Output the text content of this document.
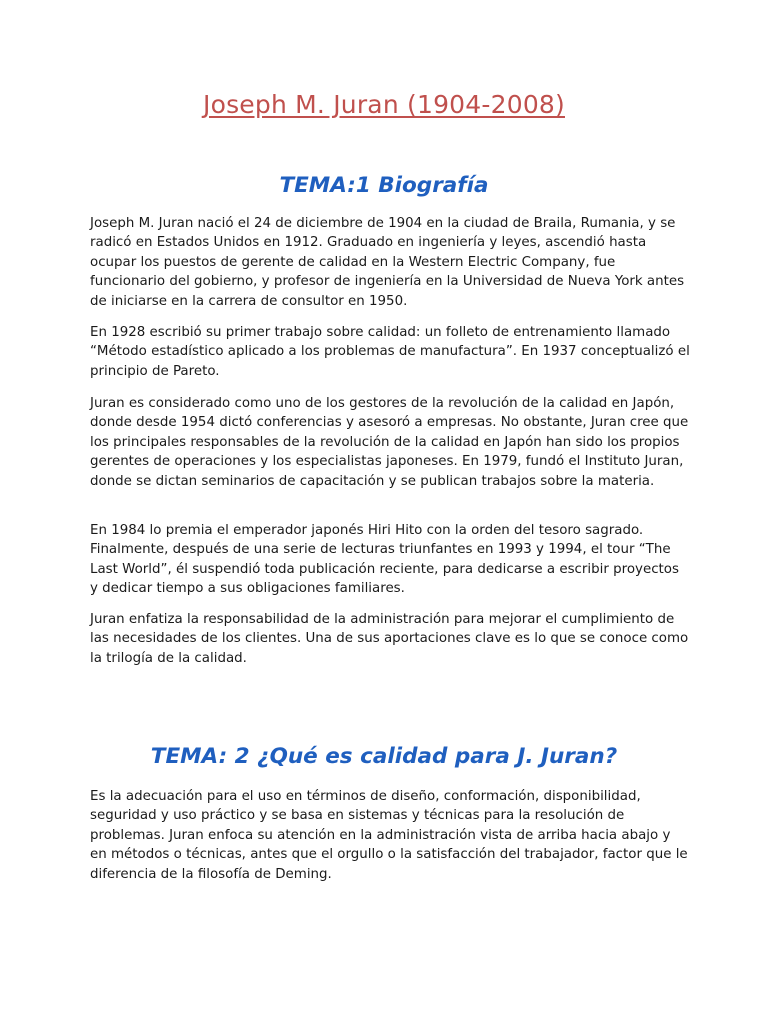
Joseph M. Juran (1904-2008)
TEMA:1 Biografía

Joseph M. Juran nació el 24 de diciembre de 1904 en la ciudad de Braila, Rumania, y se radicó en Estados Unidos en 1912. Graduado en ingeniería y leyes, ascendió hasta ocupar los puestos de gerente de calidad en la Western Electric Company, fue funcionario del gobierno, y profesor de ingeniería en la Universidad de Nueva York antes de iniciarse en la carrera de consultor en 1950.

En 1928 escribió su primer trabajo sobre calidad: un folleto de entrenamiento llamado “Método estadístico aplicado a los problemas de manufactura”. En 1937 conceptualizó el principio de Pareto.

Juran es considerado como uno de los gestores de la revolución de la calidad en Japón, donde desde 1954 dictó conferencias y asesoró a empresas. No obstante, Juran cree que los principales responsables de la revolución de la calidad en Japón han sido los propios gerentes de operaciones y los especialistas japoneses. En 1979, fundó el Instituto Juran, donde se dictan seminarios de capacitación y se publican trabajos sobre la materia.

En 1984 lo premia el emperador japonés Hiri Hito con la orden del tesoro sagrado. Finalmente, después de una serie de lecturas triunfantes en 1993 y 1994, el tour “The Last World”, él suspendió toda publicación reciente, para dedicarse a escribir proyectos y dedicar tiempo a sus obligaciones familiares.

Juran enfatiza la responsabilidad de la administración para mejorar el cumplimiento de las necesidades de los clientes. Una de sus aportaciones clave es lo que se conoce como la trilogía de la calidad.

TEMA: 2 ¿Qué es calidad para J. Juran?

Es la adecuación para el uso en términos de diseño, conformación, disponibilidad, seguridad y uso práctico y se basa en sistemas y técnicas para la resolución de problemas. Juran enfoca su atención en la administración vista de arriba hacia abajo y en métodos o técnicas, antes que el orgullo o la satisfacción del trabajador, factor que le diferencia de la filosofía de Deming.
